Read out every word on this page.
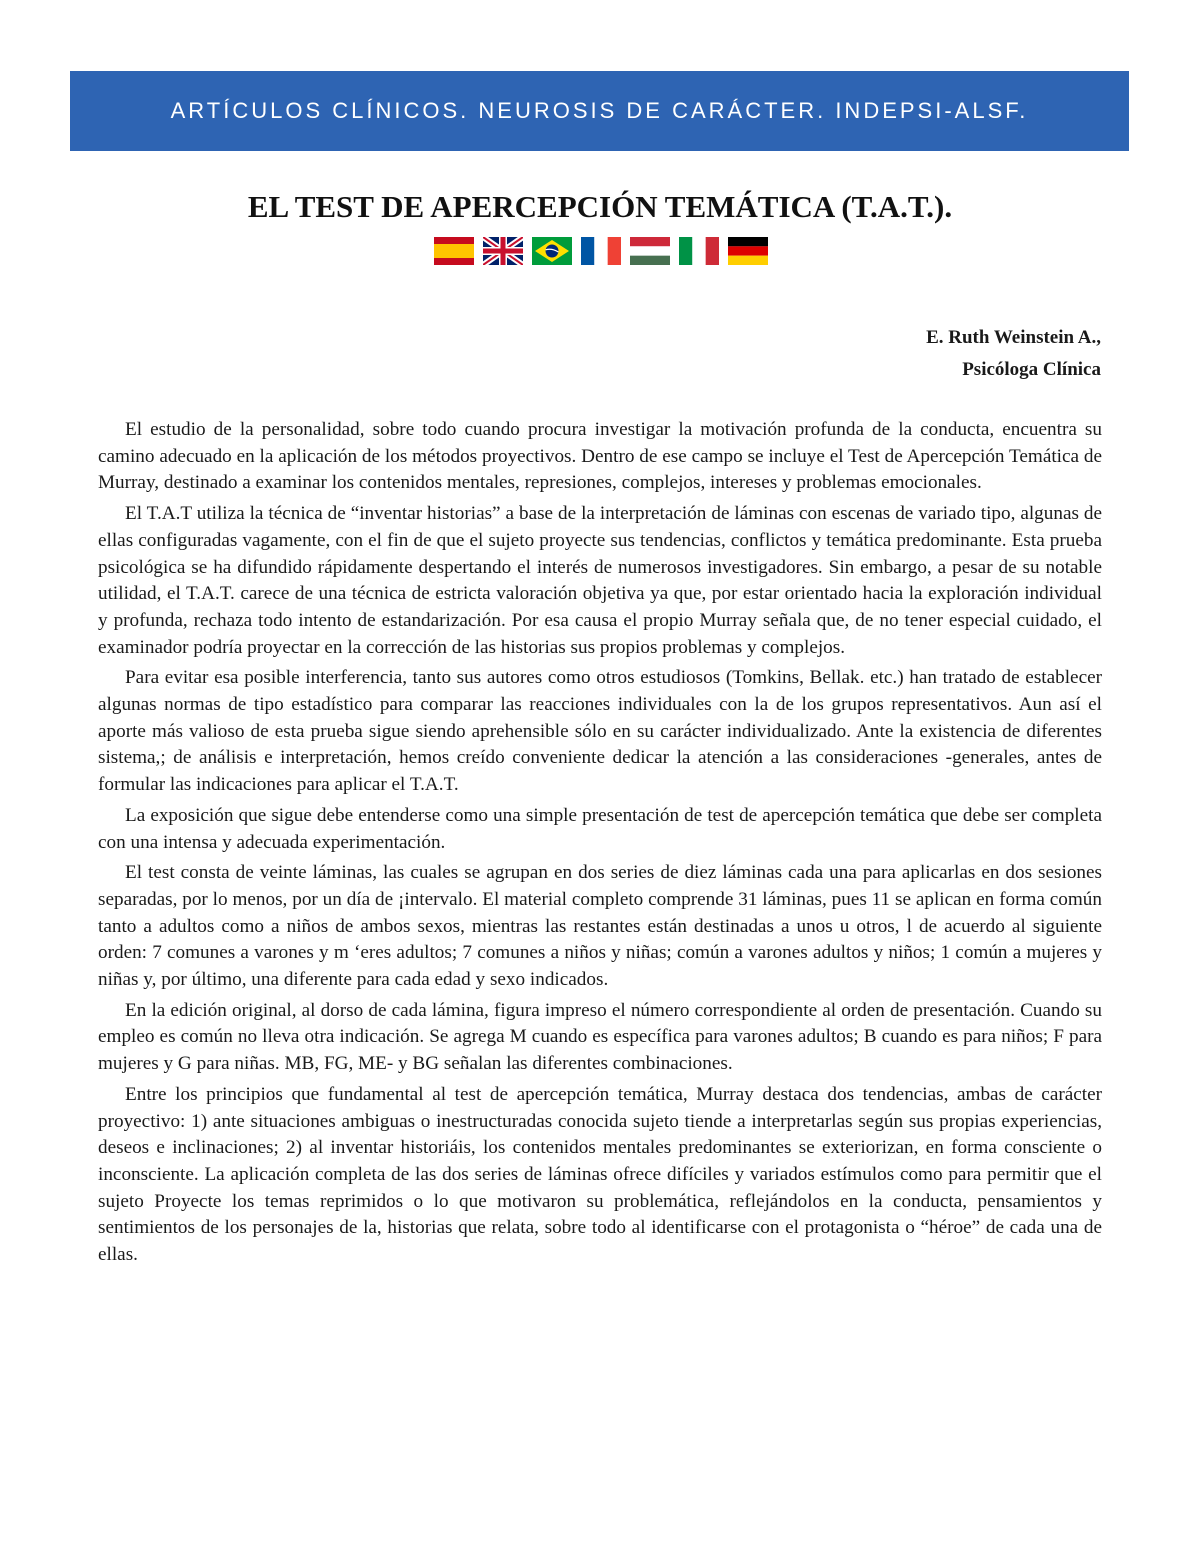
ARTÍCULOS CLÍNICOS. NEUROSIS DE CARÁCTER. INDEPSI-ALSF.
EL TEST DE APERCEPCIÓN TEMÁTICA (T.A.T.).
E. Ruth Weinstein A.,
Psicóloga Clínica

El estudio de la personalidad, sobre todo cuando procura investigar la motivación profunda de la conducta, encuentra su camino adecuado en la aplicación de los métodos proyectivos. Dentro de ese campo se incluye el Test de Apercepción Temática de Murray, destinado a examinar los contenidos mentales, represiones, complejos, intereses y problemas emocionales.

El T.A.T utiliza la técnica de “inventar historias” a base de la interpretación de láminas con escenas de variado tipo, algunas de ellas configuradas vagamente, con el fin de que el sujeto proyecte sus tendencias, conflictos y temática predominante. Esta prueba psicológica se ha difundido rápidamente despertando el interés de numerosos investigadores. Sin embargo, a pesar de su notable utilidad, el T.A.T. carece de una técnica de estricta valoración objetiva ya que, por estar orientado hacia la exploración individual y profunda, rechaza todo intento de estandarización. Por esa causa el propio Murray señala que, de no tener especial cuidado, el examinador podría proyectar en la corrección de las historias sus propios problemas y complejos.

Para evitar esa posible interferencia, tanto sus autores como otros estudiosos (Tomkins, Bellak. etc.) han tratado de establecer algunas normas de tipo estadístico para comparar las reacciones individuales con la de los grupos representativos. Aun así el aporte más valioso de esta prueba sigue siendo aprehensible sólo en su carácter individualizado. Ante la existencia de diferentes sistema,; de análisis e interpretación, hemos creído conveniente dedicar la atención a las consideraciones -generales, antes de formular las indicaciones para aplicar el T.A.T.

La exposición que sigue debe entenderse como una simple presentación de test de apercepción temática que debe ser completa con una intensa y adecuada experimentación.

El test consta de veinte láminas, las cuales se agrupan en dos series de diez láminas cada una para aplicarlas en dos sesiones separadas, por lo menos, por un día de ¡intervalo. El material completo comprende 31 láminas, pues 11 se aplican en forma común tanto a adultos como a niños de ambos sexos, mientras las restantes están destinadas a unos u otros, l de acuerdo al siguiente orden: 7 comunes a varones y m ‘eres adultos; 7 comunes a niños y niñas; común a varones adultos y niños; 1 común a mujeres y niñas y, por último, una diferente para cada edad y sexo indicados.

En la edición original, al dorso de cada lámina, figura impreso el número correspondiente al orden de presentación. Cuando su empleo es común no lleva otra indicación. Se agrega M cuando es específica para varones adultos; B cuando es para niños; F para mujeres y G para niñas. MB, FG, ME- y BG señalan las diferentes combinaciones.

Entre los principios que fundamental al test de apercepción temática, Murray destaca dos tendencias, ambas de carácter proyectivo: 1) ante situaciones ambiguas o inestructuradas conocida sujeto tiende a interpretarlas según sus propias experiencias, deseos e inclinaciones; 2) al inventar historiáis, los contenidos mentales predominantes se exteriorizan, en forma consciente o inconsciente. La aplicación completa de las dos series de láminas ofrece difíciles y variados estímulos como para permitir que el sujeto Proyecte los temas reprimidos o lo que motivaron su problemática, reflejándolos en la conducta, pensamientos y sentimientos de los personajes de la, historias que relata, sobre todo al identificarse con el protagonista o “héroe” de cada una de ellas.
